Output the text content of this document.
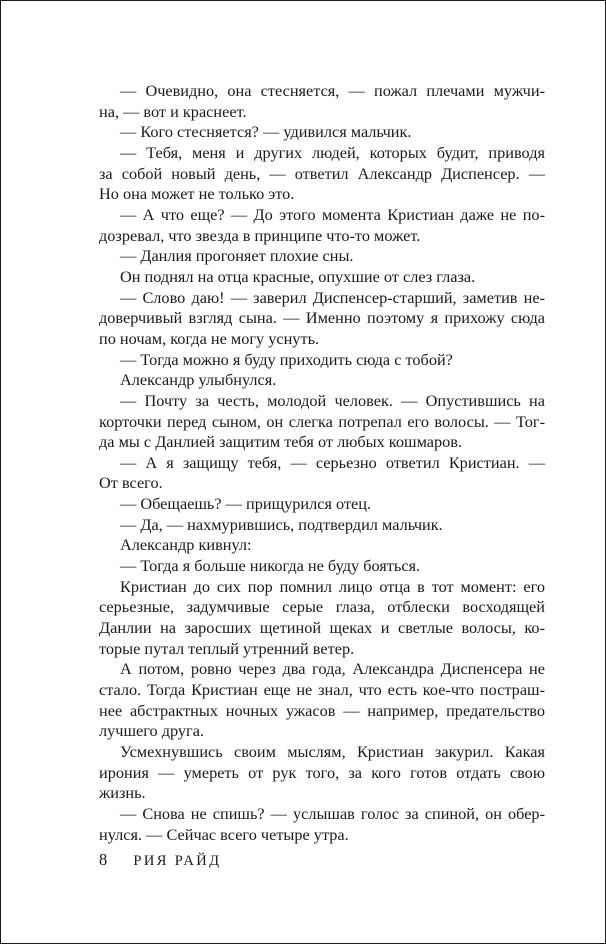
— Очевидно, она стесняется, — пожал плечами мужчи-
на, — вот и краснеет.

— Кого стесняется? — удивился мальчик.

— Тебя, меня и других людей, которых будит, приводя
за собой новый день, — ответил Александр Диспенсер. —
Но она может не только это.

— А что еще? — До этого момента Кристиан даже не по-
дозревал, что звезда в принципе что-то может.

— Данлия прогоняет плохие сны.

Он поднял на отца красные, опухшие от слез глаза.

— Слово даю! — заверил Диспенсер-старший, заметив не-
доверчивый взгляд сына. — Именно поэтому я прихожу сюда
по ночам, когда не могу уснуть.

— Тогда можно я буду приходить сюда с тобой?

Александр улыбнулся.

— Почту за честь, молодой человек. — Опустившись на
корточки перед сыном, он слегка потрепал его волосы. — Тог-
да мы с Данлией защитим тебя от любых кошмаров.

— А я защищу тебя, — серьезно ответил Кристиан. —
От всего.

— Обещаешь? — прищурился отец.

— Да, — нахмурившись, подтвердил мальчик.

Александр кивнул:

— Тогда я больше никогда не буду бояться.

Кристиан до сих пор помнил лицо отца в тот момент: его
серьезные, задумчивые серые глаза, отблески восходящей
Данлии на заросших щетиной щеках и светлые волосы, ко-
торые путал теплый утренний ветер.

А потом, ровно через два года, Александра Диспенсера не
стало. Тогда Кристиан еще не знал, что есть кое-что пострaш-
нее абстрактных ночных ужасов — например, предательство
лучшего друга.

Усмехнувшись своим мыслям, Кристиан закурил. Какая
ирония — умереть от рук того, за кого готов отдать свою
жизнь.

— Снова не спишь? — услышав голос за спиной, он обер-
нулся. — Сейчас всего четыре утра.

8 РИЯ РАЙД
